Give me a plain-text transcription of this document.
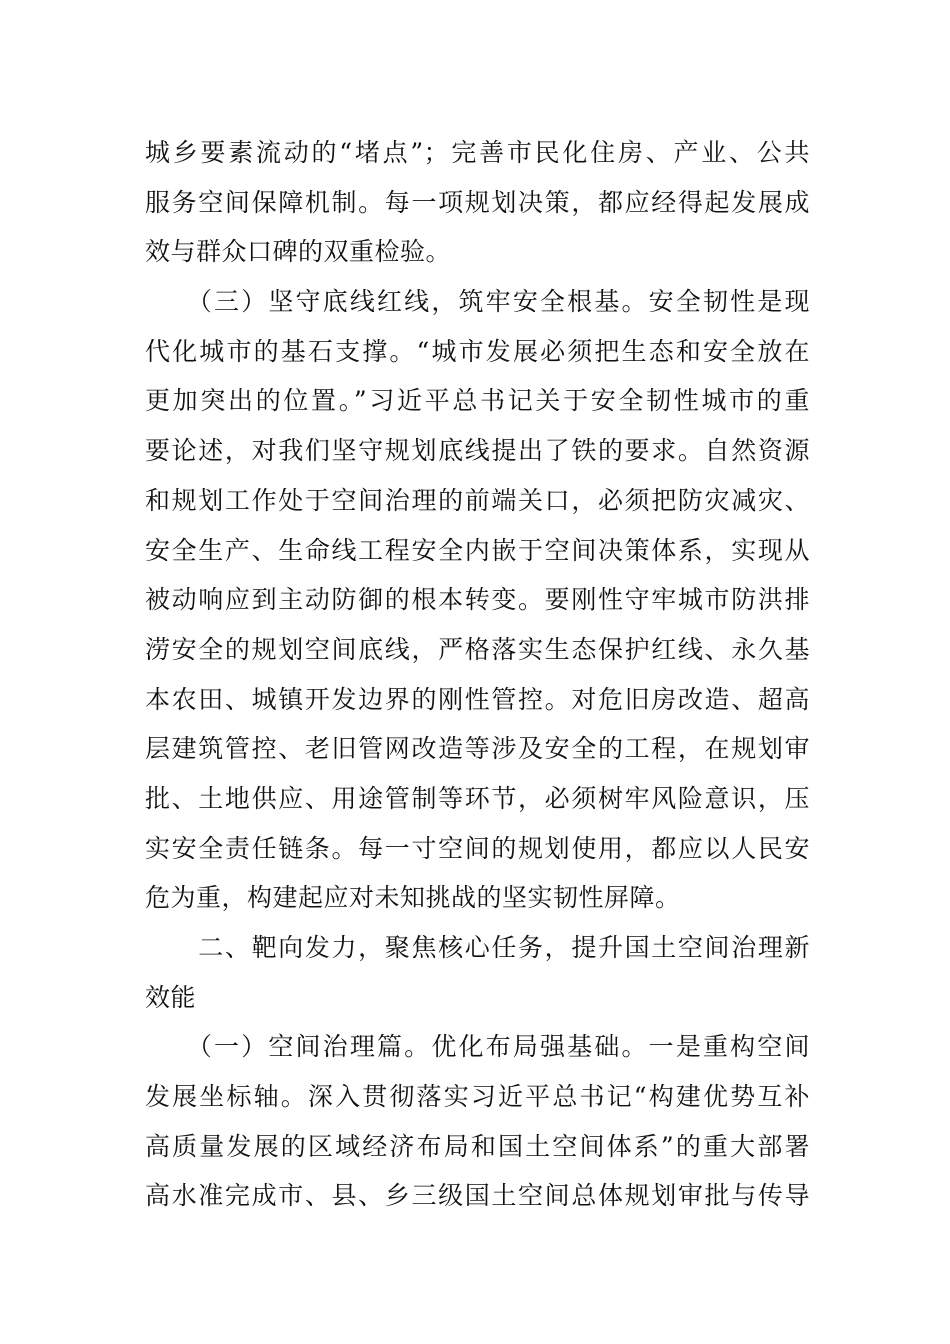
城乡要素流动的“堵点”；完善市民化住房、产业、公共
服务空间保障机制。每一项规划决策，都应经得起发展成
效与群众口碑的双重检验。
　　（三）坚守底线红线，筑牢安全根基。安全韧性是现
代化城市的基石支撑。“城市发展必须把生态和安全放在
更加突出的位置。”习近平总书记关于安全韧性城市的重
要论述，对我们坚守规划底线提出了铁的要求。自然资源
和规划工作处于空间治理的前端关口，必须把防灾减灾、
安全生产、生命线工程安全内嵌于空间决策体系，实现从
被动响应到主动防御的根本转变。要刚性守牢城市防洪排
涝安全的规划空间底线，严格落实生态保护红线、永久基
本农田、城镇开发边界的刚性管控。对危旧房改造、超高
层建筑管控、老旧管网改造等涉及安全的工程，在规划审
批、土地供应、用途管制等环节，必须树牢风险意识，压
实安全责任链条。每一寸空间的规划使用，都应以人民安
危为重，构建起应对未知挑战的坚实韧性屏障。
　　二、靶向发力，聚焦核心任务，提升国土空间治理新
效能
　　（一）空间治理篇。优化布局强基础。一是重构空间
发展坐标轴。深入贯彻落实习近平总书记“构建优势互补
高质量发展的区域经济布局和国土空间体系”的重大部署
高水准完成市、县、乡三级国土空间总体规划审批与传导
